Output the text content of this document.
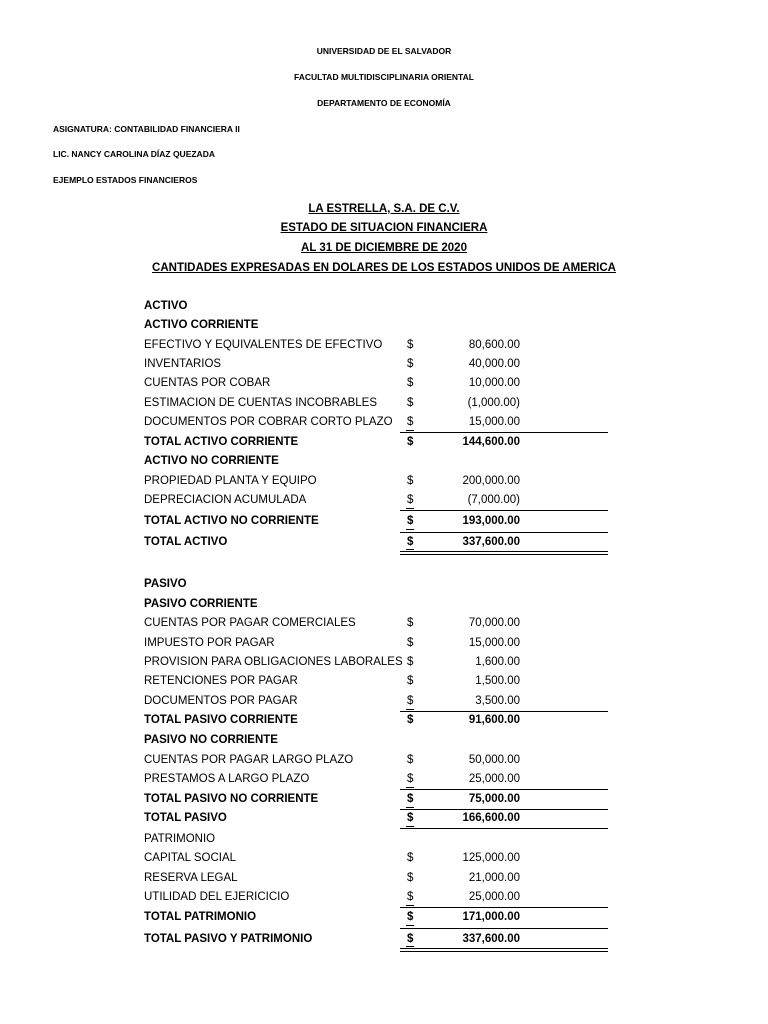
UNIVERSIDAD DE EL SALVADOR
FACULTAD MULTIDISCIPLINARIA ORIENTAL
DEPARTAMENTO DE ECONOMÍA
ASIGNATURA: CONTABILIDAD FINANCIERA II
LIC. NANCY CAROLINA DÍAZ QUEZADA
EJEMPLO ESTADOS FINANCIEROS
LA ESTRELLA, S.A. DE C.V.
ESTADO DE SITUACION FINANCIERA
AL 31 DE DICIEMBRE DE 2020
CANTIDADES EXPRESADAS EN DOLARES DE LOS ESTADOS UNIDOS DE AMERICA
ACTIVO
ACTIVO CORRIENTE
EFECTIVO Y EQUIVALENTES DE EFECTIVO $	80,600.00
INVENTARIOS	$	40,000.00
CUENTAS POR COBAR	$	10,000.00
ESTIMACION DE CUENTAS INCOBRABLES	$	(1,000.00)
DOCUMENTOS POR COBRAR CORTO PLAZO $	15,000.00
TOTAL ACTIVO CORRIENTE	$	144,600.00
ACTIVO NO CORRIENTE
PROPIEDAD PLANTA Y EQUIPO	$	200,000.00
DEPRECIACION ACUMULADA	$	(7,000.00)
TOTAL ACTIVO NO CORRIENTE	$	193,000.00
TOTAL ACTIVO	$	337,600.00
PASIVO
PASIVO CORRIENTE
CUENTAS POR PAGAR COMERCIALES	$	70,000.00
IMPUESTO POR PAGAR	$	15,000.00
PROVISION PARA OBLIGACIONES LABORALES $	1,600.00
RETENCIONES POR PAGAR	$	1,500.00
DOCUMENTOS POR PAGAR	$	3,500.00
TOTAL PASIVO CORRIENTE	$	91,600.00
PASIVO NO CORRIENTE
CUENTAS POR PAGAR LARGO PLAZO	$	50,000.00
PRESTAMOS A LARGO PLAZO	$	25,000.00
TOTAL PASIVO NO CORRIENTE	$	75,000.00
TOTAL PASIVO	$	166,600.00
PATRIMONIO
CAPITAL SOCIAL	$	125,000.00
RESERVA LEGAL	$	21,000.00
UTILIDAD DEL EJERICICIO	$	25,000.00
TOTAL PATRIMONIO	$	171,000.00
TOTAL PASIVO Y PATRIMONIO	$	337,600.00
